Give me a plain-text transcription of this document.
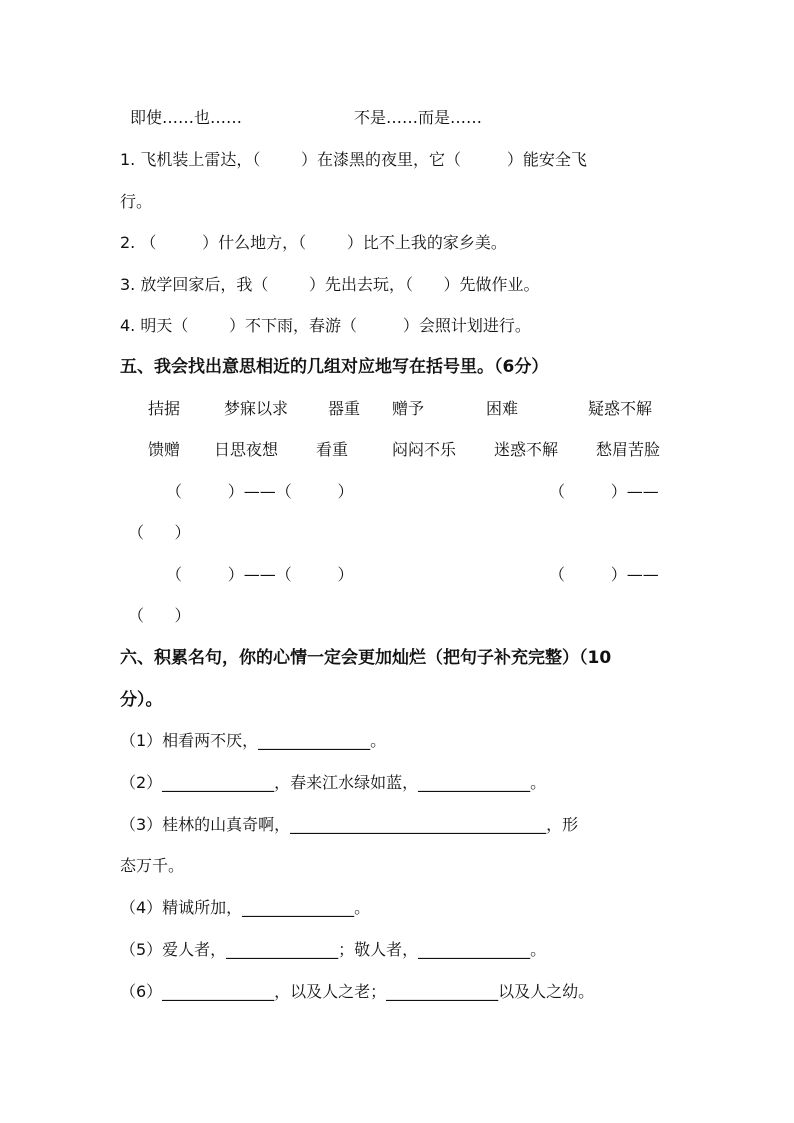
即使……也……	不是……而是……
1. 飞机装上雷达，（        ）在漆黑的夜里，它（         ）能安全飞
行。
2. （         ）什么地方，（        ）比不上我的家乡美。
3. 放学回家后，我（        ）先出去玩，（      ）先做作业。
4. 明天（        ）不下雨，春游（         ）会照计划进行。
五、我会找出意思相近的几组对应地写在括号里。（6分）
拮据	梦寐以求 器重 赠予	困难	疑惑不解
馈赠 日思夜想 看重	闷闷不乐 迷惑不解 愁眉苦脸
（         ）——（         ）	（         ）——
（      ）
（         ）——（         ）	（         ）——
（      ）
六、积累名句，你的心情一定会更加灿烂（把句子补充完整）（10
分）。
（1）相看两不厌，______________。
（2）______________，春来江水绿如蓝，______________。
（3）桂林的山真奇啊，________________________________，形
态万千。
（4）精诚所加，______________。
（5）爱人者，______________；敬人者，______________。
（6）______________，以及人之老；______________以及人之幼。
